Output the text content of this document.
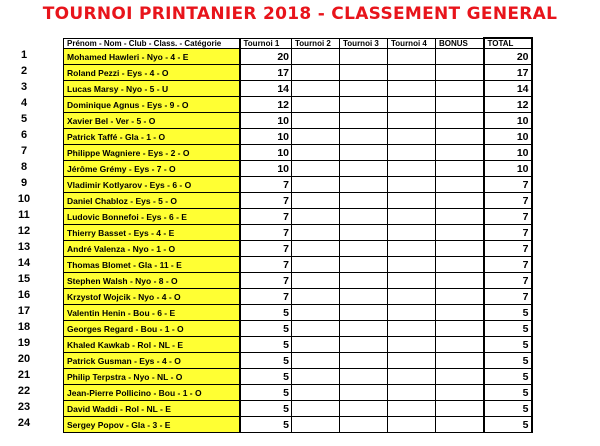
TOURNOI PRINTANIER 2018 - CLASSEMENT GENERAL
1
2
3
4
5
6
7
8
9
10
11
12
13
14
15
16
17
18
19
20
21
22
23
24
Prénom - Nom - Club - Class. - Catégorie	Tournoi 1	Tournoi 2	Tournoi 3	Tournoi 4	BONUS	TOTAL
Mohamed Hawleri - Nyo - 4 - E	20					20
Roland Pezzi - Eys - 4 - O	17					17
Lucas Marsy - Nyo - 5 - U	14					14
Dominique Agnus - Eys - 9 - O	12					12
Xavier Bel - Ver - 5 - O	10					10
Patrick Taffé - Gla - 1 - O	10					10
Philippe Wagniere - Eys - 2 - O	10					10
Jérôme Grémy - Eys - 7 - O	10					10
Vladimir Kotlyarov - Eys - 6 - O	7					7
Daniel Chabloz - Eys - 5 - O	7					7
Ludovic Bonnefoi - Eys - 6 - E	7					7
Thierry Basset - Eys - 4 - E	7					7
André Valenza - Nyo - 1 - O	7					7
Thomas Blomet - Gla - 11 - E	7					7
Stephen Walsh - Nyo - 8 - O	7					7
Krzystof Wojcik - Nyo - 4 - O	7					7
Valentin Henin - Bou - 6 - E	5					5
Georges Regard - Bou - 1 - O	5					5
Khaled Kawkab - Rol - NL - E	5					5
Patrick Gusman - Eys - 4 - O	5					5
Philip Terpstra - Nyo - NL - O	5					5
Jean-Pierre Pollicino - Bou - 1 - O	5					5
David Waddi - Rol - NL - E	5					5
Sergey Popov - Gla - 3 - E	5					5
